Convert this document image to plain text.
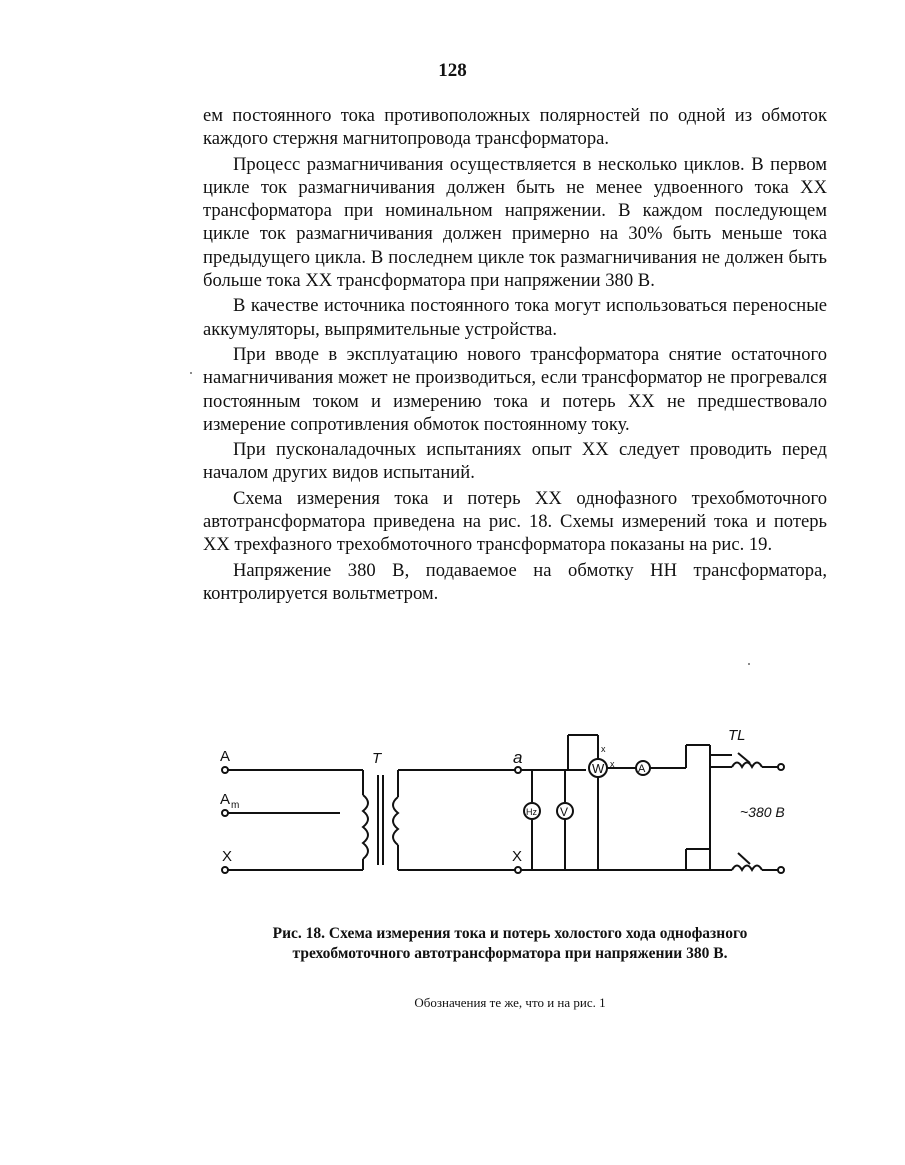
128

ем постоянного тока противоположных полярностей по одной из обмоток каждого стержня магнитопровода трансформатора.

Процесс размагничивания осуществляется в несколько циклов. В первом цикле ток размагничивания должен быть не менее удвоенного тока ХХ трансформатора при номинальном напряжении. В каждом последующем цикле ток размагничивания должен примерно на 30% быть меньше тока предыдущего цикла. В последнем цикле ток размагничивания не должен быть больше тока ХХ трансформатора при напряжении 380 В.

В качестве источника постоянного тока могут использоваться переносные аккумуляторы, выпрямительные устройства.

При вводе в эксплуатацию нового трансформатора снятие остаточного намагничивания может не производиться, если трансформатор не прогревался постоянным током и измерению тока и потерь ХХ не предшествовало измерение сопротивления обмоток постоянному току.

При пусконаладочных испытаниях опыт ХХ следует проводить перед началом других видов испытаний.

Схема измерения тока и потерь ХХ однофазного трехобмоточного автотрансформатора приведена на рис. 18. Схемы измерений тока и потерь ХХ трехфазного трехобмоточного трансформатора показаны на рис. 19.

Напряжение 380 В, подаваемое на обмотку НН трансформатора, контролируется вольтметром.

A
A m
X
T	a
X
Hz V
W	A
x
x
TL
~380 В
Рис. 18. Схема измерения тока и потерь холостого хода однофазного трехобмоточного автотрансформатора при напряжении 380 В.
Обозначения те же, что и на рис. 1
